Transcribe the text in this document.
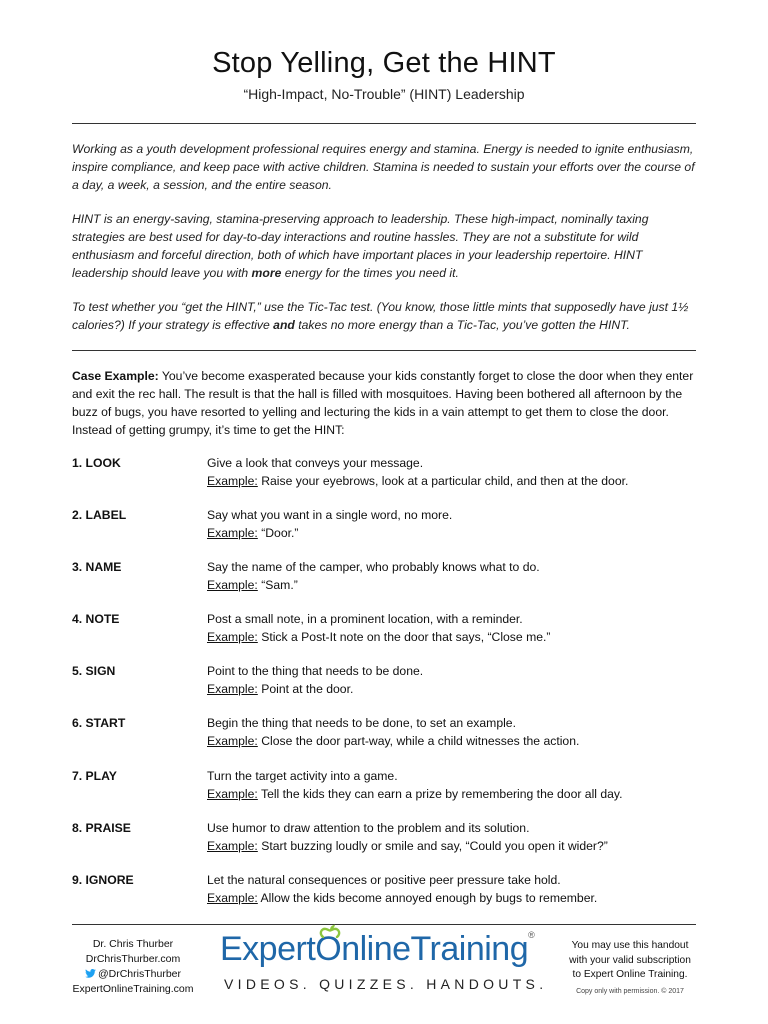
Stop Yelling, Get the HINT
“High-Impact, No-Trouble” (HINT) Leadership

Working as a youth development professional requires energy and stamina. Energy is needed to ignite enthusiasm, inspire compliance, and keep pace with active children. Stamina is needed to sustain your efforts over the course of a day, a week, a session, and the entire season.

HINT is an energy-saving, stamina-preserving approach to leadership. These high-impact, nominally taxing strategies are best used for day-to-day interactions and routine hassles. They are not a substitute for wild enthusiasm and forceful direction, both of which have important places in your leadership repertoire. HINT leadership should leave you with more energy for the times you need it.

To test whether you “get the HINT,” use the Tic-Tac test. (You know, those little mints that supposedly have just 1½ calories?) If your strategy is effective and takes no more energy than a Tic-Tac, you’ve gotten the HINT.

Case Example: You’ve become exasperated because your kids constantly forget to close the door when they enter and exit the rec hall. The result is that the hall is filled with mosquitoes. Having been bothered all afternoon by the buzz of bugs, you have resorted to yelling and lecturing the kids in a vain attempt to get them to close the door. Instead of getting grumpy, it’s time to get the HINT:
1. LOOK	Give a look that conveys your message.
Example: Raise your eyebrows, look at a particular child, and then at the door.
2. LABEL	Say what you want in a single word, no more.
Example: “Door.”
3. NAME	Say the name of the camper, who probably knows what to do.
Example: “Sam.”
4. NOTE	Post a small note, in a prominent location, with a reminder.
Example: Stick a Post-It note on the door that says, “Close me.”
5. SIGN	Point to the thing that needs to be done.
Example: Point at the door.
6. START	Begin the thing that needs to be done, to set an example.
Example: Close the door part-way, while a child witnesses the action.
7. PLAY	Turn the target activity into a game.
Example: Tell the kids they can earn a prize by remembering the door all day.
8. PRAISE	Use humor to draw attention to the problem and its solution.
Example: Start buzzing loudly or smile and say, “Could you open it wider?”
9. IGNORE	Let the natural consequences or positive peer pressure take hold.
Example: Allow the kids become annoyed enough by bugs to remember.
Dr. Chris Thurber
DrChrisThurber.com
@DrChrisThurber
ExpertOnlineTraining.com
ExpertO
nlineTraining®
VIDEOS. QUIZZES. HANDOUTS.
You may use this handout
with your valid subscription
to Expert Online Training.
Copy only with permission. © 2017
